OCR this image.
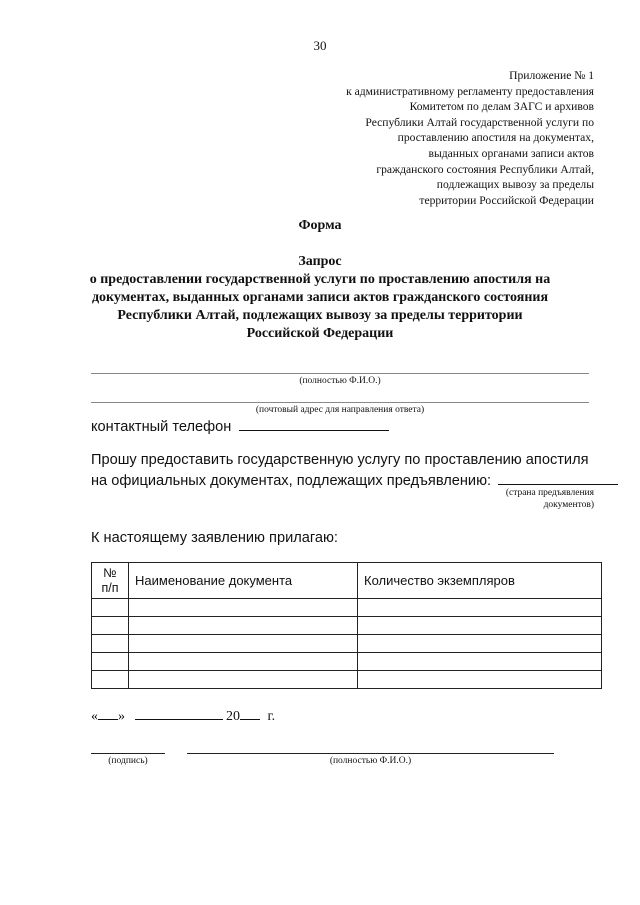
30
Приложение № 1
к административному регламенту предоставления
Комитетом по делам ЗАГС и архивов
Республики Алтай государственной услуги по
проставлению апостиля на документах,
выданных органами записи актов
гражданского состояния Республики Алтай,
подлежащих вывозу за пределы
территории Российской Федерации
Форма
Запрос
о предоставлении государственной услуги по проставлению апостиля на
документах, выданных органами записи актов гражданского состояния
Республики Алтай, подлежащих вывозу за пределы территории
Российской Федерации
(полностью Ф.И.О.)
(почтовый адрес для направления ответа)
контактный телефон
Прошу предоставить государственную услугу по проставлению апостиля
на официальных документах, подлежащих предъявлению:
(страна предъявления
документов)
К настоящему заявлению прилагаю:
№
п/п	Наименование документа	Количество экземпляров

« »	20 г.
(подпись)	(полностью Ф.И.О.)
